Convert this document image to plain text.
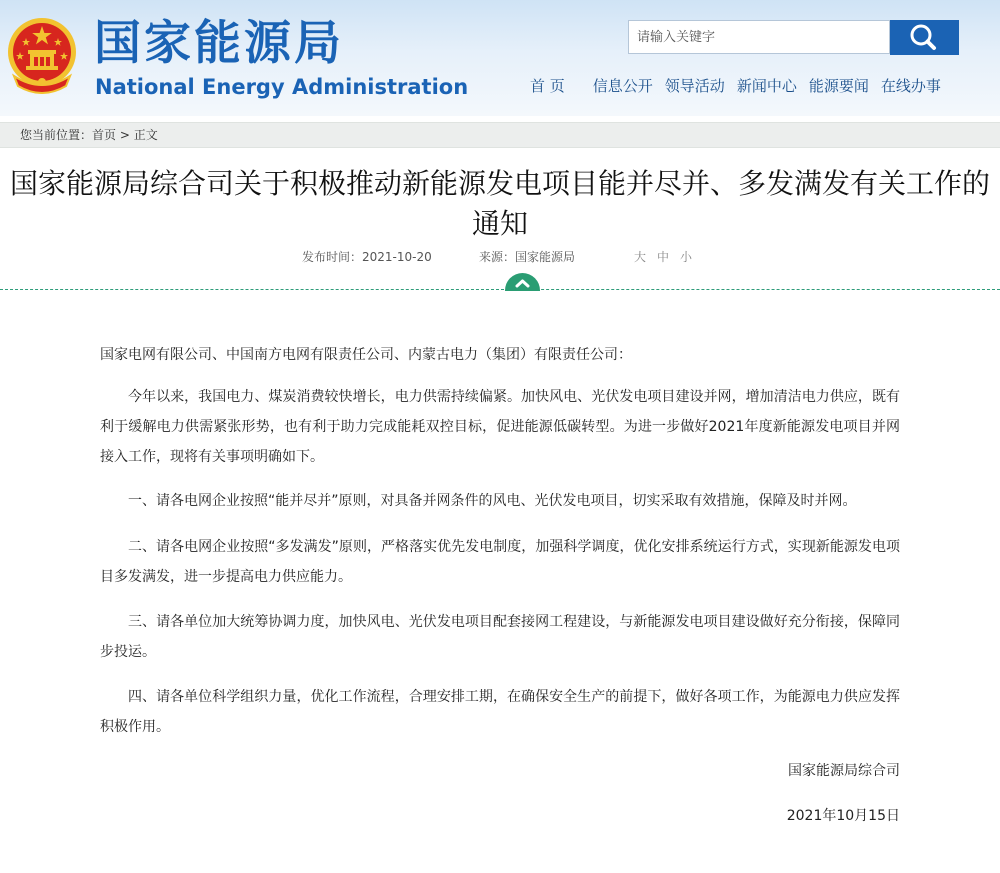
国家能源局
National Energy Administration
请输入关键字	首 页 信息公开 领导活动 新闻中心 能源要闻 在线办事
您当前位置：首页 > 正文
国家能源局综合司关于积极推动新能源发电项目能并尽并、多发满发有关工作的通知
发布时间：2021-10-20	来源：国家能源局	大 中 小
国家电网有限公司、中国南方电网有限责任公司、内蒙古电力（集团）有限责任公司：
今年以来，我国电力、煤炭消费较快增长，电力供需持续偏紧。加快风电、光伏发电项目建设并网，增加清洁电力供应，既有利于缓解电力供需紧张形势，也有利于助力完成能耗双控目标，促进能源低碳转型。为进一步做好2021年度新能源发电项目并网接入工作，现将有关事项明确如下。
一、请各电网企业按照“能并尽并”原则，对具备并网条件的风电、光伏发电项目，切实采取有效措施，保障及时并网。
二、请各电网企业按照“多发满发”原则，严格落实优先发电制度，加强科学调度，优化安排系统运行方式，实现新能源发电项目多发满发，进一步提高电力供应能力。
三、请各单位加大统筹协调力度，加快风电、光伏发电项目配套接网工程建设，与新能源发电项目建设做好充分衔接，保障同步投运。
四、请各单位科学组织力量，优化工作流程，合理安排工期，在确保安全生产的前提下，做好各项工作，为能源电力供应发挥积极作用。
国家能源局综合司
2021年10月15日
